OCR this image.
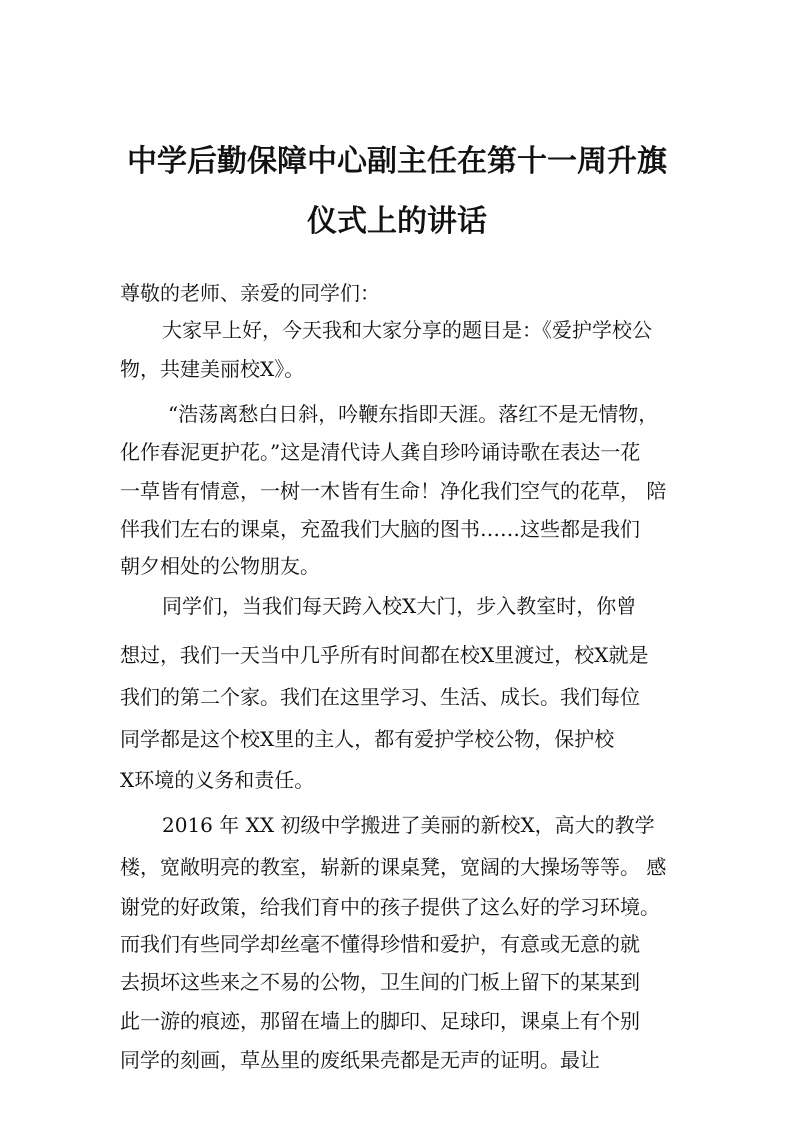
中学后勤保障中心副主任在第十一周升旗
仪式上的讲话
尊敬的老师、亲爱的同学们：
大家早上好，今天我和大家分享的题目是：《爱护学校公
物，共建美丽校X》。
“浩荡离愁白日斜，吟鞭东指即天涯。落红不是无情物，
化作春泥更护花。”这是清代诗人龚自珍吟诵诗歌在表达一花
一草皆有情意，一树一木皆有生命！净化我们空气的花草， 陪
伴我们左右的课桌，充盈我们大脑的图书……这些都是我们
朝夕相处的公物朋友。
同学们，当我们每天跨入校X大门，步入教室时，你曾
想过，我们一天当中几乎所有时间都在校X里渡过，校X就是
我们的第二个家。我们在这里学习、生活、成长。我们每位
同学都是这个校X里的主人，都有爱护学校公物，保护校
X环境的义务和责任。
2016 年 XX 初级中学搬进了美丽的新校X，高大的教学
楼，宽敞明亮的教室，崭新的课桌凳，宽阔的大操场等等。 感
谢党的好政策，给我们育中的孩子提供了这么好的学习环境。
而我们有些同学却丝毫不懂得珍惜和爱护，有意或无意的就
去损坏这些来之不易的公物，卫生间的门板上留下的某某到
此一游的痕迹，那留在墙上的脚印、足球印，课桌上有个别
同学的刻画，草丛里的废纸果壳都是无声的证明。最让
